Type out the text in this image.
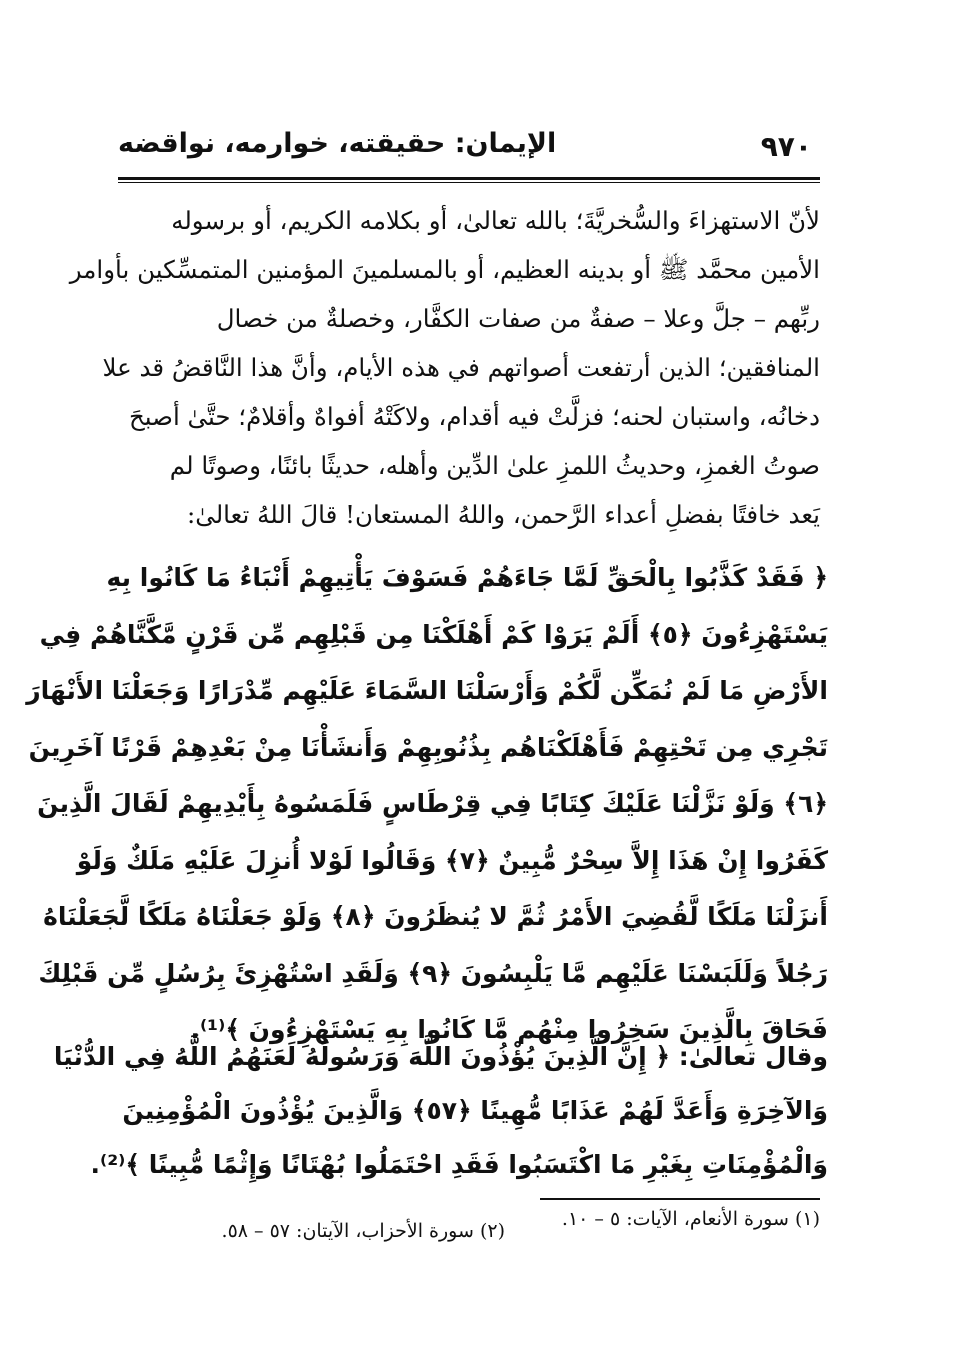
٩٧٠
الإيمان: حقيقته، خوارمه، نواقضه
لأنّ الاستهزاءَ والسُّخريَّةَ؛ بالله تعالىٰ، أو بكلامه الكريم، أو برسوله
الأمين محمَّد ﷺ أو بدينه العظيم، أو بالمسلمينَ المؤمنين المتمسِّكين بأوامر
ربِّهم – جلَّ وعلا – صفةٌ من صفات الكفَّار، وخصلةٌ من خصال
المنافقين؛ الذين أرتفعت أصواتهم في هذه الأيام، وأنَّ هذا النَّاقضُ قد علا
دخانُه، واستبان لحنه؛ فزلَّتْ فيه أقدام، ولاكَتْهُ أفواهٌ وأقلامٌ؛ حتَّىٰ أصبحَ
صوتُ الغمزِ، وحديثُ اللمزِ علىٰ الدِّين وأهله، حديثًا بائنًا، وصوتًا لم
يَعد خافتًا بفضلِ أعداء الرَّحمن، واللهُ المستعان! قالَ اللهُ تعالىٰ:
﴿ فَقَدْ كَذَّبُوا بِالْحَقِّ لَمَّا جَاءَهُمْ فَسَوْفَ يَأْتِيهِمْ أَنْبَاءُ مَا كَانُوا بِهِ
يَسْتَهْزِءُونَ ﴿٥﴾ أَلَمْ يَرَوْا كَمْ أَهْلَكْنَا مِن قَبْلِهِم مِّن قَرْنٍ مَّكَّنَّاهُمْ فِي
الأَرْضِ مَا لَمْ نُمَكِّن لَّكُمْ وَأَرْسَلْنَا السَّمَاءَ عَلَيْهِم مِّدْرَارًا وَجَعَلْنَا الأَنْهَارَ
تَجْرِي مِن تَحْتِهِمْ فَأَهْلَكْنَاهُم بِذُنُوبِهِمْ وَأَنشَأْنَا مِنْ بَعْدِهِمْ قَرْنًا آخَرِينَ
﴿٦﴾ وَلَوْ نَزَّلْنَا عَلَيْكَ كِتَابًا فِي قِرْطَاسٍ فَلَمَسُوهُ بِأَيْدِيهِمْ لَقَالَ الَّذِينَ
كَفَرُوا إِنْ هَذَا إِلاَّ سِحْرٌ مُّبِينٌ ﴿٧﴾ وَقَالُوا لَوْلا أُنزِلَ عَلَيْهِ مَلَكٌ وَلَوْ
أَنزَلْنَا مَلَكًا لَّقُضِيَ الأَمْرُ ثُمَّ لا يُنظَرُونَ ﴿٨﴾ وَلَوْ جَعَلْنَاهُ مَلَكًا لَّجَعَلْنَاهُ
رَجُلاً وَلَلَبَسْنَا عَلَيْهِم مَّا يَلْبِسُونَ ﴿٩﴾ وَلَقَدِ اسْتُهْزِئَ بِرُسُلٍ مِّن قَبْلِكَ
فَحَاقَ بِالَّذِينَ سَخِرُوا مِنْهُم مَّا كَانُوا بِهِ يَسْتَهْزِءُونَ ﴾⁽¹⁾.
وقال تعالىٰ: ﴿ إِنَّ الَّذِينَ يُؤْذُونَ اللَّهَ وَرَسُولَهُ لَعَنَهُمُ اللَّهُ فِي الدُّنْيَا
وَالآخِرَةِ وَأَعَدَّ لَهُمْ عَذَابًا مُّهِينًا ﴿٥٧﴾ وَالَّذِينَ يُؤْذُونَ الْمُؤْمِنِينَ
وَالْمُؤْمِنَاتِ بِغَيْرِ مَا اكْتَسَبُوا فَقَدِ احْتَمَلُوا بُهْتَانًا وَإِثْمًا مُّبِينًا ﴾⁽²⁾.
(١) سورة الأنعام، الآيات: ٥ – ١٠.
(٢) سورة الأحزاب، الآيتان: ٥٧ – ٥٨.
